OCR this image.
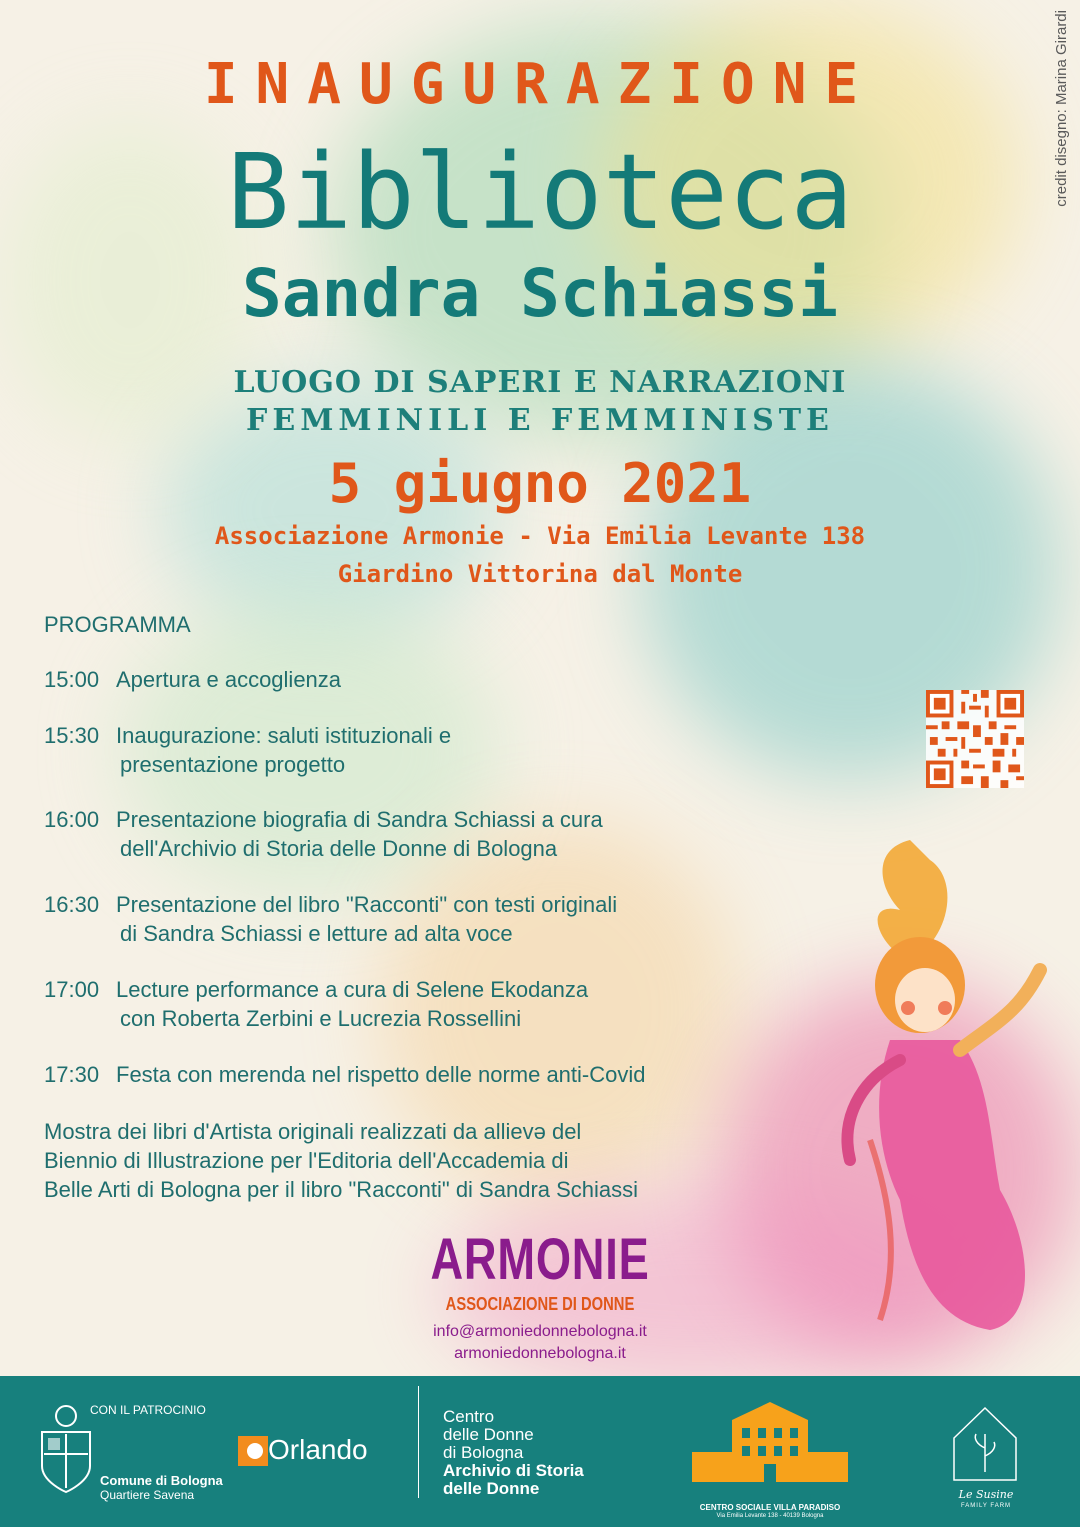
credit disegno: Marina Girardi
INAUGURAZIONE
Biblioteca
Sandra Schiassi
LUOGO DI SAPERI E NARRAZIONI
FEMMINILI E FEMMINISTE
5 giugno 2021
Associazione Armonie - Via Emilia Levante 138
Giardino Vittorina dal Monte
PROGRAMMA
15:00 Apertura e accoglienza
15:30 Inaugurazione: saluti istituzionali e
presentazione progetto
16:00 Presentazione biografia di Sandra Schiassi a cura
dell'Archivio di Storia delle Donne di Bologna
16:30 Presentazione del libro "Racconti" con testi originali
di Sandra Schiassi e letture ad alta voce
17:00 Lecture performance a cura di Selene Ekodanza
con Roberta Zerbini e Lucrezia Rossellini
17:30 Festa con merenda nel rispetto delle norme anti-Covid
Mostra dei libri d'Artista originali realizzati da allievə del
Biennio di Illustrazione per l'Editoria dell'Accademia di
Belle Arti di Bologna per il libro "Racconti" di Sandra Schiassi
ARMONIE
ASSOCIAZIONE DI DONNE
info@armoniedonnebologna.it
armoniedonnebologna.it
CON IL PATROCINIO
Comune di Bologna
Quartiere Savena
Orlando
Centro
delle Donne
di Bologna
Archivio di Storia
delle Donne
CENTRO SOCIALE VILLA PARADISO
Via Emilia Levante 138 - 40139 Bologna
Le Susine
FAMILY FARM
